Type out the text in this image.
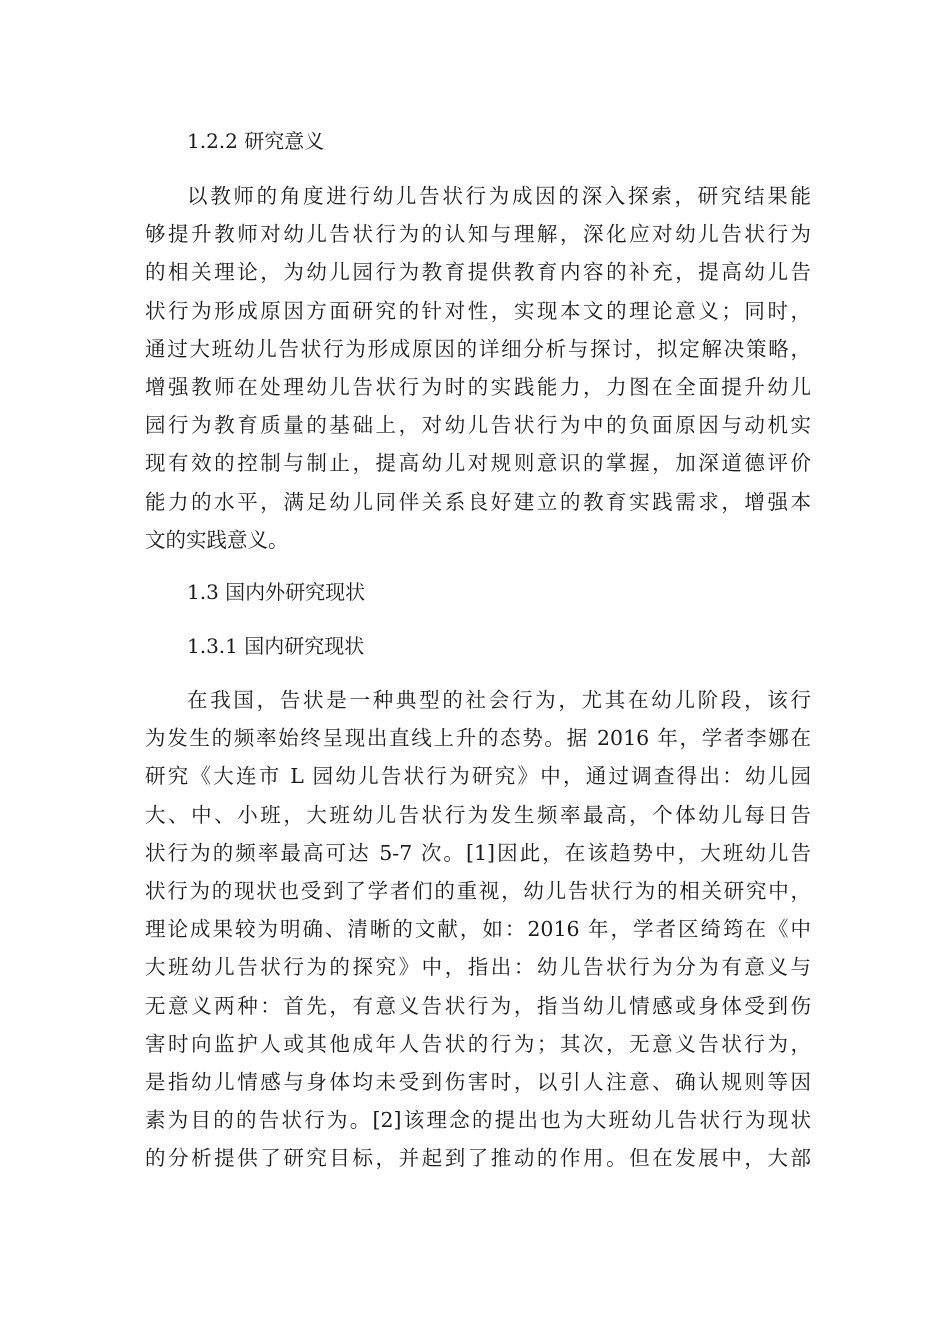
1.2.2 研究意义
以教师的角度进行幼儿告状行为成因的深入探索，研究结果能
够提升教师对幼儿告状行为的认知与理解，深化应对幼儿告状行为
的相关理论，为幼儿园行为教育提供教育内容的补充，提高幼儿告
状行为形成原因方面研究的针对性，实现本文的理论意义；同时，
通过大班幼儿告状行为形成原因的详细分析与探讨，拟定解决策略，
增强教师在处理幼儿告状行为时的实践能力，力图在全面提升幼儿
园行为教育质量的基础上，对幼儿告状行为中的负面原因与动机实
现有效的控制与制止，提高幼儿对规则意识的掌握，加深道德评价
能力的水平，满足幼儿同伴关系良好建立的教育实践需求，增强本
文的实践意义。
1.3 国内外研究现状
1.3.1 国内研究现状
在我国，告状是一种典型的社会行为，尤其在幼儿阶段，该行
为发生的频率始终呈现出直线上升的态势。据 2016 年，学者李娜在
研究《大连市 L 园幼儿告状行为研究》中，通过调查得出：幼儿园
大、中、小班，大班幼儿告状行为发生频率最高，个体幼儿每日告
状行为的频率最高可达 5-7 次。[1]因此，在该趋势中，大班幼儿告
状行为的现状也受到了学者们的重视，幼儿告状行为的相关研究中，
理论成果较为明确、清晰的文献，如：2016 年，学者区绮筠在《中
大班幼儿告状行为的探究》中，指出：幼儿告状行为分为有意义与
无意义两种：首先，有意义告状行为，指当幼儿情感或身体受到伤
害时向监护人或其他成年人告状的行为；其次，无意义告状行为，
是指幼儿情感与身体均未受到伤害时，以引人注意、确认规则等因
素为目的的告状行为。[2]该理念的提出也为大班幼儿告状行为现状
的分析提供了研究目标，并起到了推动的作用。但在发展中，大部
